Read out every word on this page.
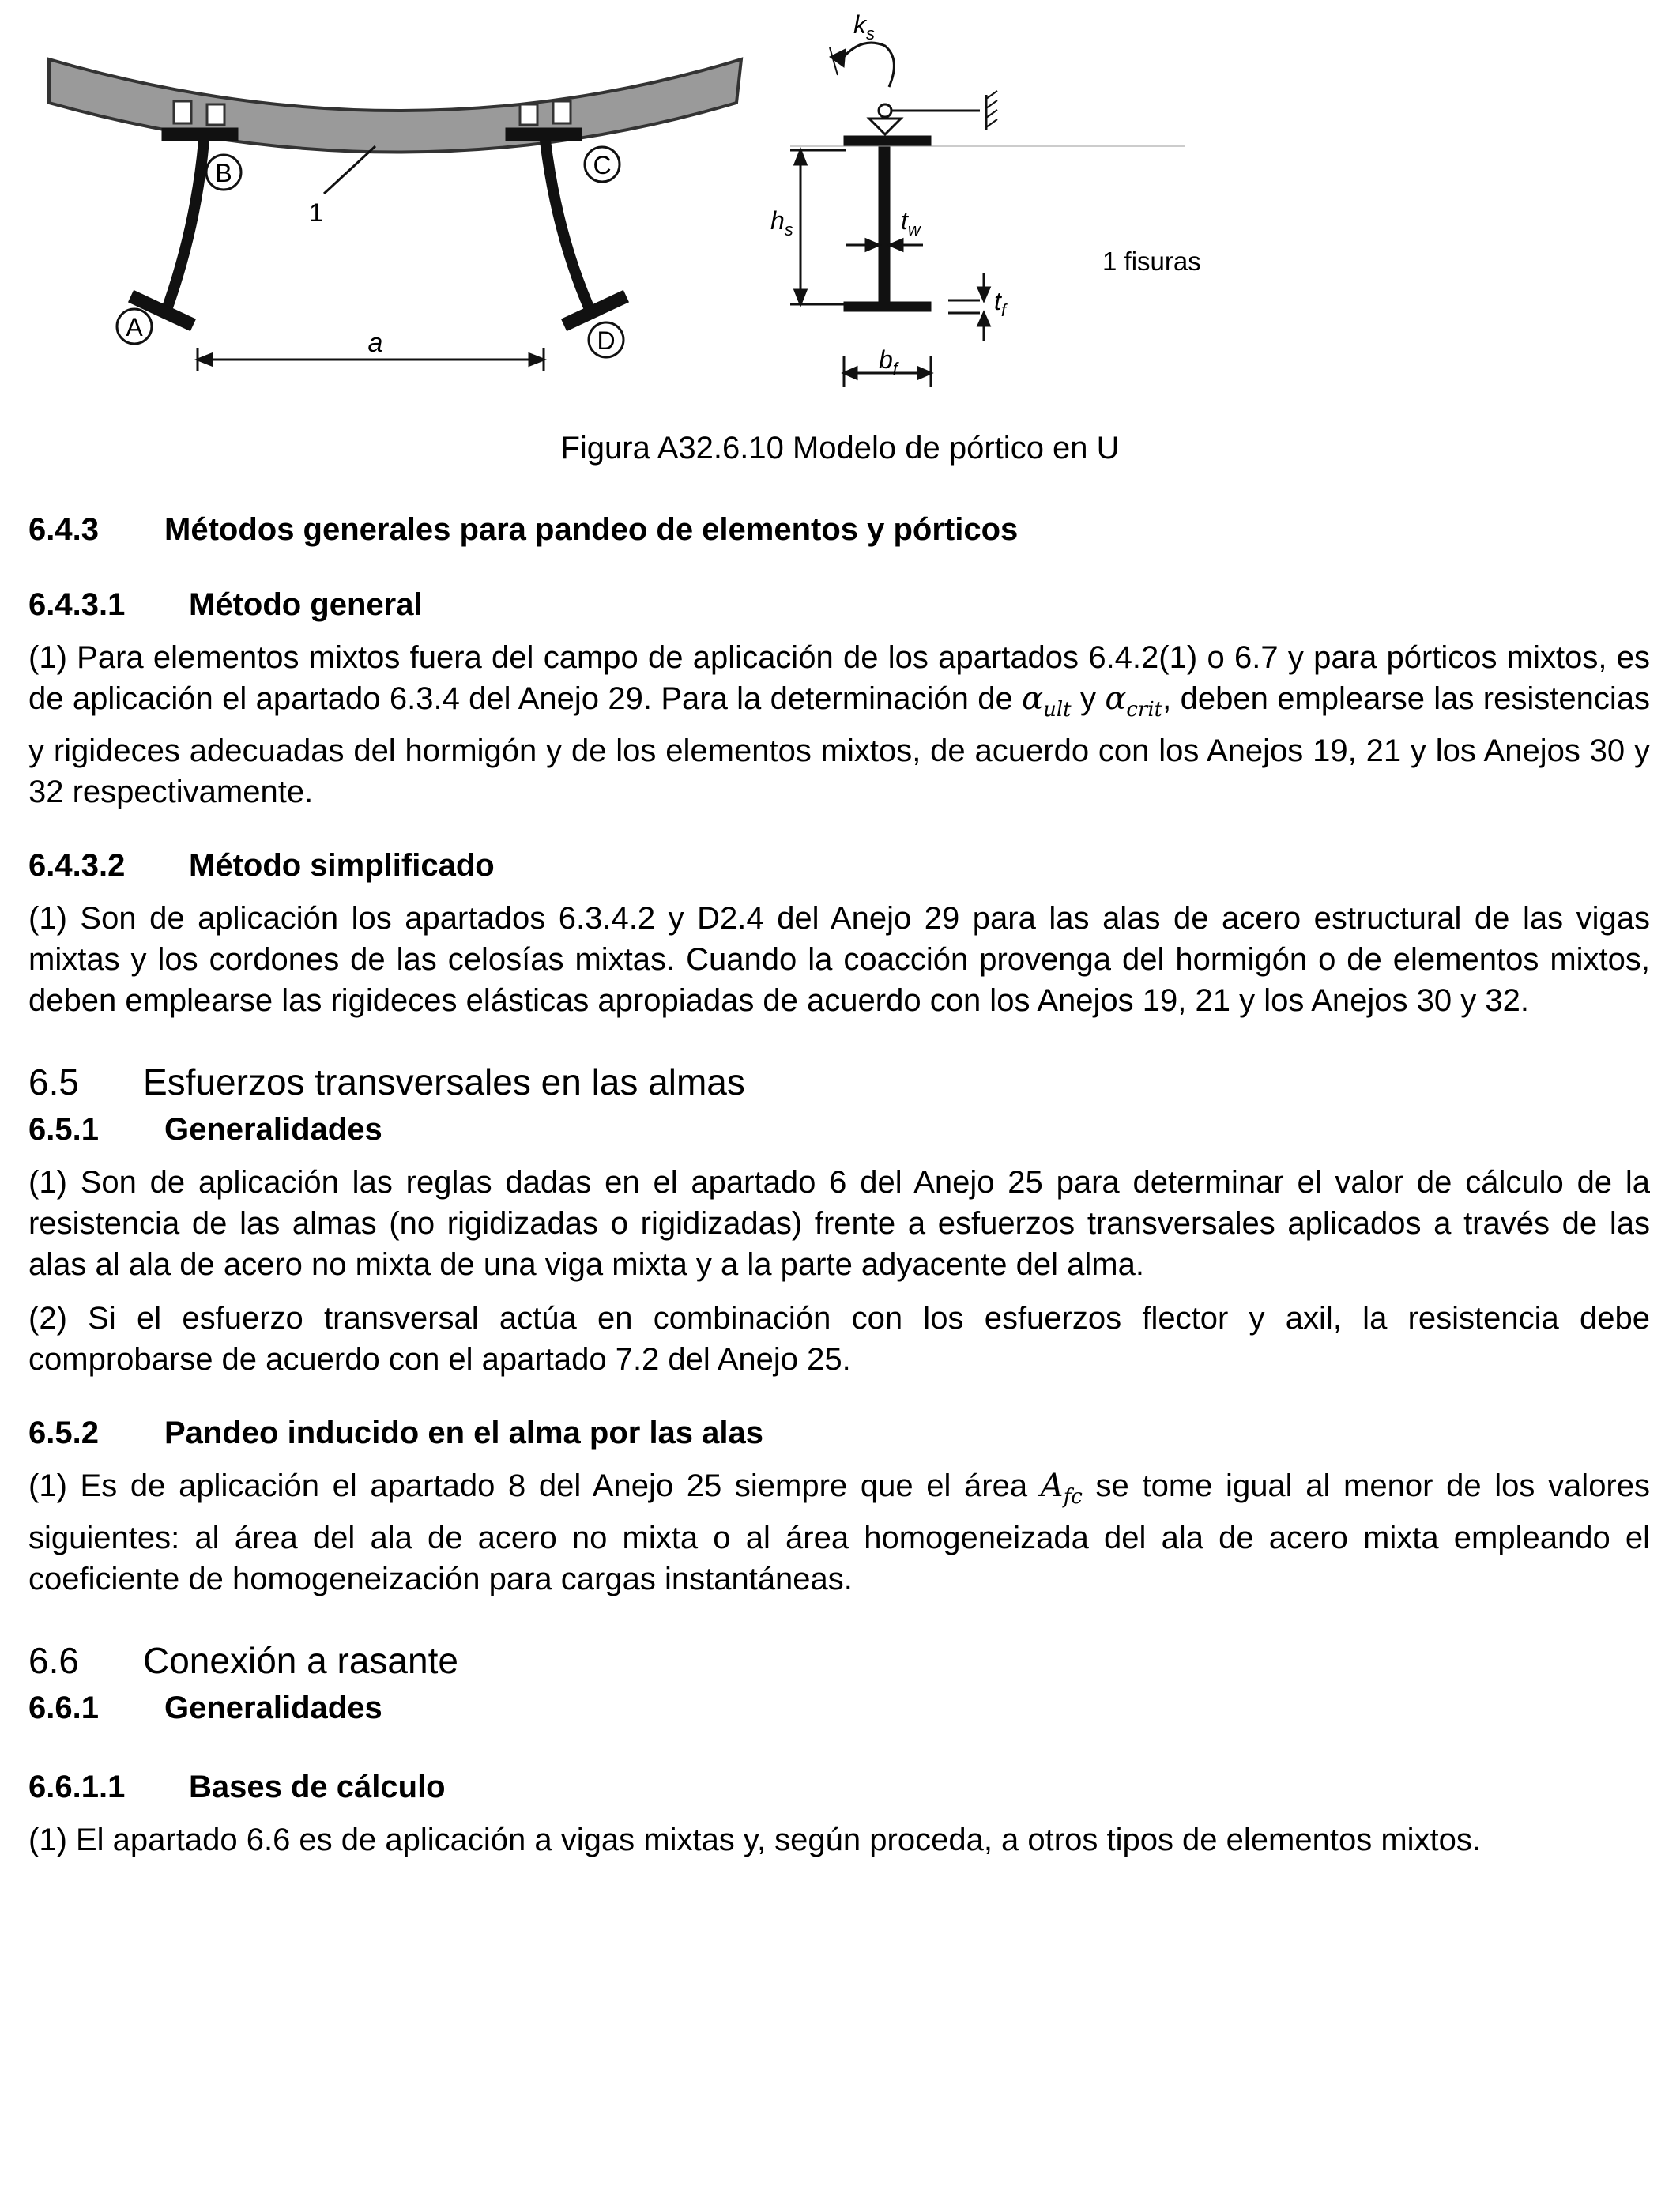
B	C
A	D
1
a
$k_s$
$h_s$	$t_w$
$t_f$
$b_f$
1 fisuras
Figura A32.6.10 Modelo de pórtico en U
6.4.3 Métodos generales para pandeo de elementos y pórticos
6.4.3.1 Método general

(1) Para elementos mixtos fuera del campo de aplicación de los apartados 6.4.2(1) o 6.7 y para pórticos mixtos, es de aplicación el apartado 6.3.4 del Anejo 29. Para la determinación de $\alpha_{ult}$ y $\alpha_{crit}$, deben emplearse las resistencias y rigideces adecuadas del hormigón y de los elementos mixtos, de acuerdo con los Anejos 19, 21 y los Anejos 30 y 32 respectivamente.

6.4.3.2 Método simplificado

(1) Son de aplicación los apartados 6.3.4.2 y D2.4 del Anejo 29 para las alas de acero estructural de las vigas mixtas y los cordones de las celosías mixtas. Cuando la coacción provenga del hormigón o de elementos mixtos, deben emplearse las rigideces elásticas apropiadas de acuerdo con los Anejos 19, 21 y los Anejos 30 y 32.

6.5 Esfuerzos transversales en las almas
6.5.1 Generalidades

(1) Son de aplicación las reglas dadas en el apartado 6 del Anejo 25 para determinar el valor de cálculo de la resistencia de las almas (no rigidizadas o rigidizadas) frente a esfuerzos transversales aplicados a través de las alas al ala de acero no mixta de una viga mixta y a la parte adyacente del alma.

(2) Si el esfuerzo transversal actúa en combinación con los esfuerzos flector y axil, la resistencia debe comprobarse de acuerdo con el apartado 7.2 del Anejo 25.

6.5.2 Pandeo inducido en el alma por las alas

(1) Es de aplicación el apartado 8 del Anejo 25 siempre que el área $A_{fc}$ se tome igual al menor de los valores siguientes: al área del ala de acero no mixta o al área homogeneizada del ala de acero mixta empleando el coeficiente de homogeneización para cargas instantáneas.

6.6 Conexión a rasante
6.6.1 Generalidades
6.6.1.1 Bases de cálculo

(1) El apartado 6.6 es de aplicación a vigas mixtas y, según proceda, a otros tipos de elementos mixtos.
